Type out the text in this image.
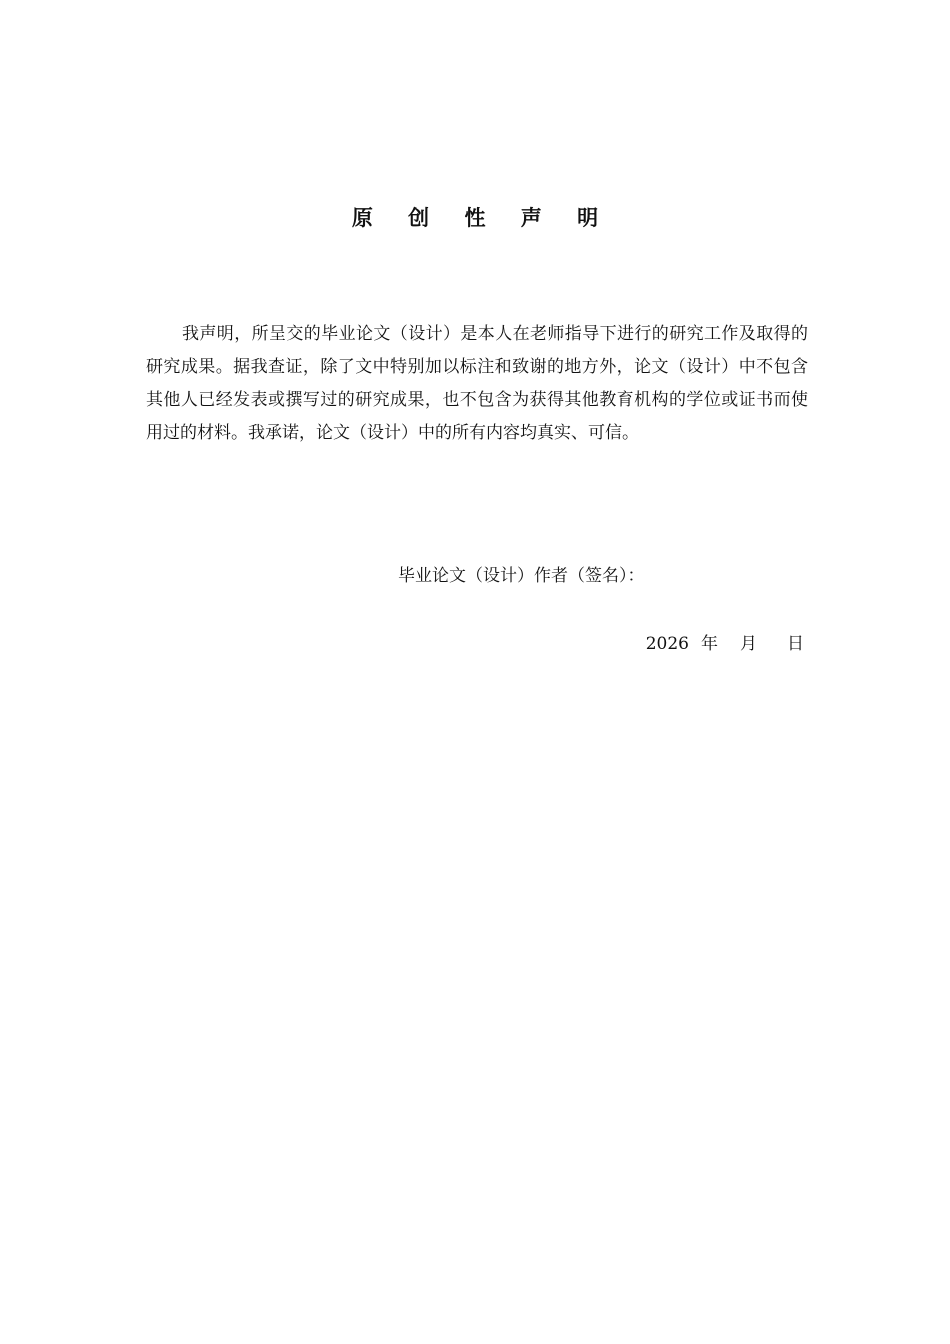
原 创 性 声 明

我声明，所呈交的毕业论文（设计）是本人在老师指导下进行的研究工作及取得的研究成果。据我查证，除了文中特别加以标注和致谢的地方外，论文（设计）中不包含其他人已经发表或撰写过的研究成果，也不包含为获得其他教育机构的学位或证书而使用过的材料。我承诺，论文（设计）中的所有内容均真实、可信。

毕业论文（设计）作者（签名）：
2026 年 月 日
